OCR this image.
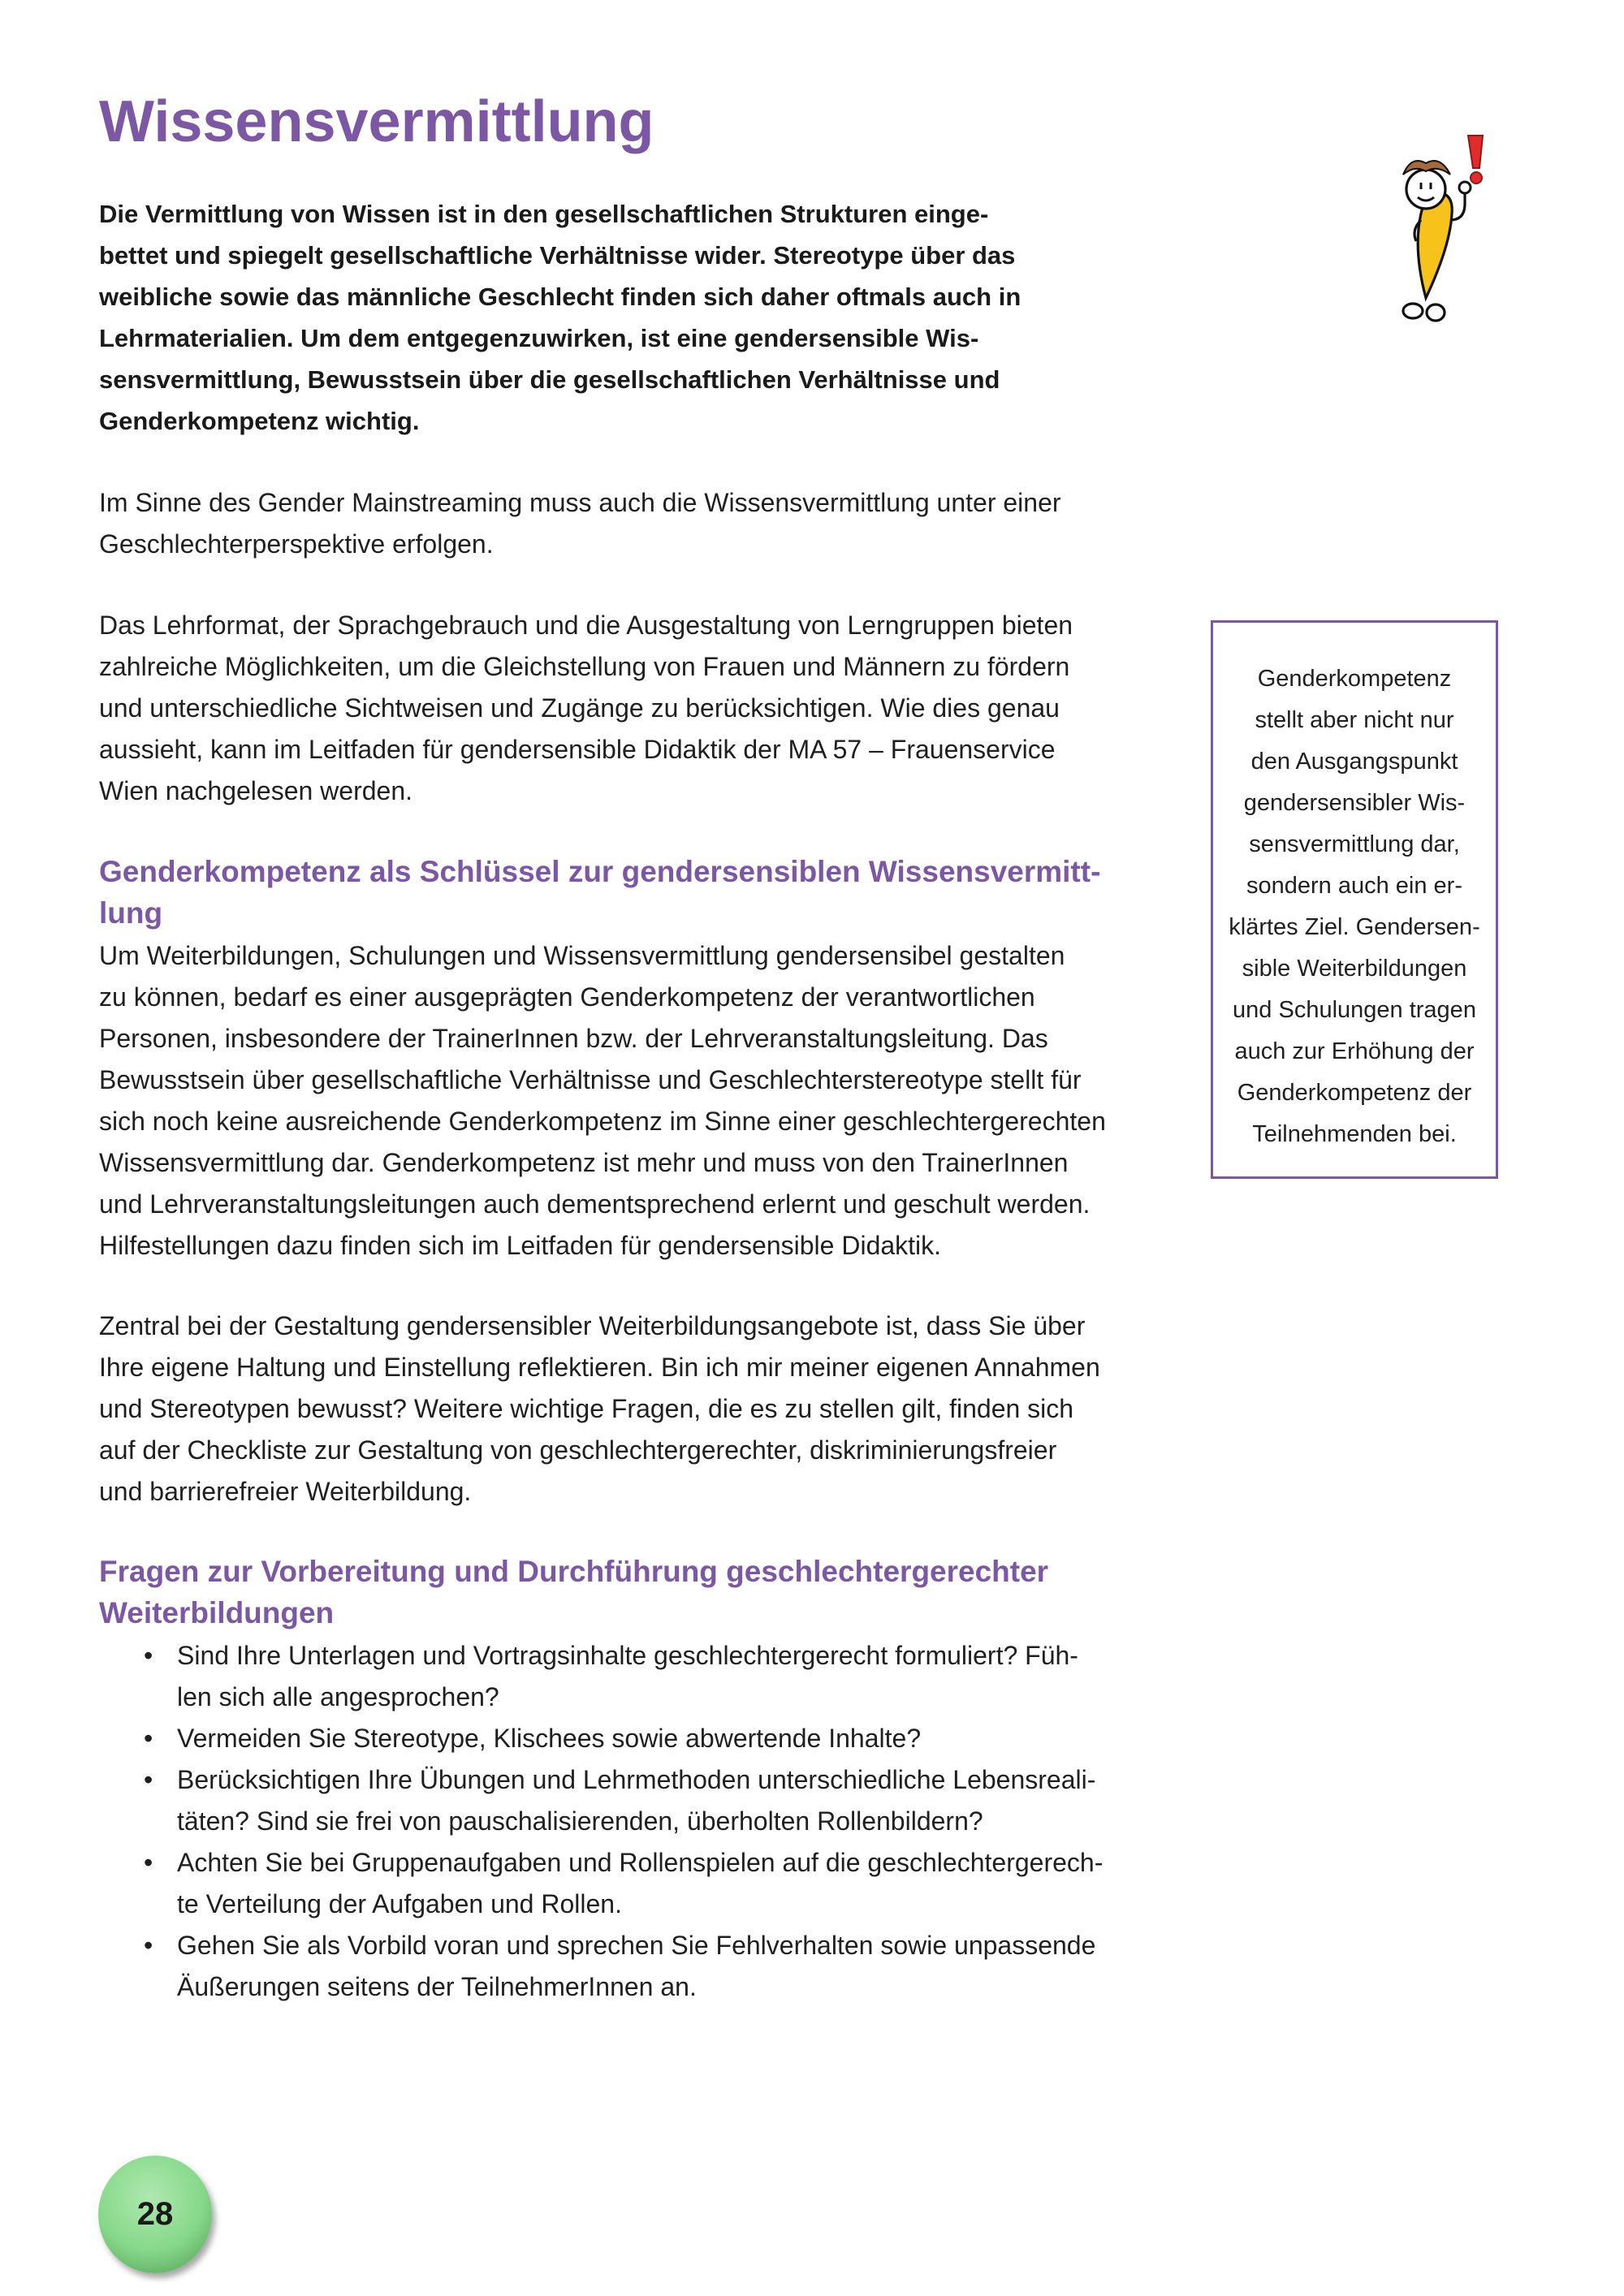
Wissensvermittlung
Die Vermittlung von Wissen ist in den gesellschaftlichen Strukturen einge-
bettet und spiegelt gesellschaftliche Verhältnisse wider. Stereotype über das
weibliche sowie das männliche Geschlecht finden sich daher oftmals auch in
Lehrmaterialien. Um dem entgegenzuwirken, ist eine gendersensible Wis-
sensvermittlung, Bewusstsein über die gesellschaftlichen Verhältnisse und
Genderkompetenz wichtig.
Im Sinne des Gender Mainstreaming muss auch die Wissensvermittlung unter einer
Geschlechterperspektive erfolgen.
Das Lehrformat, der Sprachgebrauch und die Ausgestaltung von Lerngruppen bieten
zahlreiche Möglichkeiten, um die Gleichstellung von Frauen und Männern zu fördern
und unterschiedliche Sichtweisen und Zugänge zu berücksichtigen. Wie dies genau
aussieht, kann im Leitfaden für gendersensible Didaktik der MA 57 – Frauenservice
Wien nachgelesen werden.
Genderkompetenz als Schlüssel zur gendersensiblen Wissensvermitt-
lung
Um Weiterbildungen, Schulungen und Wissensvermittlung gendersensibel gestalten
zu können, bedarf es einer ausgeprägten Genderkompetenz der verantwortlichen
Personen, insbesondere der TrainerInnen bzw. der Lehrveranstaltungsleitung. Das
Bewusstsein über gesellschaftliche Verhältnisse und Geschlechterstereotype stellt für
sich noch keine ausreichende Genderkompetenz im Sinne einer geschlechtergerechten
Wissensvermittlung dar. Genderkompetenz ist mehr und muss von den TrainerInnen
und Lehrveranstaltungsleitungen auch dementsprechend erlernt und geschult werden.
Hilfestellungen dazu finden sich im Leitfaden für gendersensible Didaktik.
Zentral bei der Gestaltung gendersensibler Weiterbildungsangebote ist, dass Sie über
Ihre eigene Haltung und Einstellung reflektieren. Bin ich mir meiner eigenen Annahmen
und Stereotypen bewusst? Weitere wichtige Fragen, die es zu stellen gilt, finden sich
auf der Checkliste zur Gestaltung von geschlechtergerechter, diskriminierungsfreier
und barrierefreier Weiterbildung.
Fragen zur Vorbereitung und Durchführung geschlechtergerechter
Weiterbildungen
• Sind Ihre Unterlagen und Vortragsinhalte geschlechtergerecht formuliert? Füh-
len sich alle angesprochen?
• Vermeiden Sie Stereotype, Klischees sowie abwertende Inhalte?
• Berücksichtigen Ihre Übungen und Lehrmethoden unterschiedliche Lebensreali-
täten? Sind sie frei von pauschalisierenden, überholten Rollenbildern?
• Achten Sie bei Gruppenaufgaben und Rollenspielen auf die geschlechtergerech-
te Verteilung der Aufgaben und Rollen.
• Gehen Sie als Vorbild voran und sprechen Sie Fehlverhalten sowie unpassende
Äußerungen seitens der TeilnehmerInnen an.
Genderkompetenz
stellt aber nicht nur
den Ausgangspunkt
gendersensibler Wis-
sensvermittlung dar,
sondern auch ein er-
klärtes Ziel. Gendersen-
sible Weiterbildungen
und Schulungen tragen
auch zur Erhöhung der
Genderkompetenz der
Teilnehmenden bei.
28
